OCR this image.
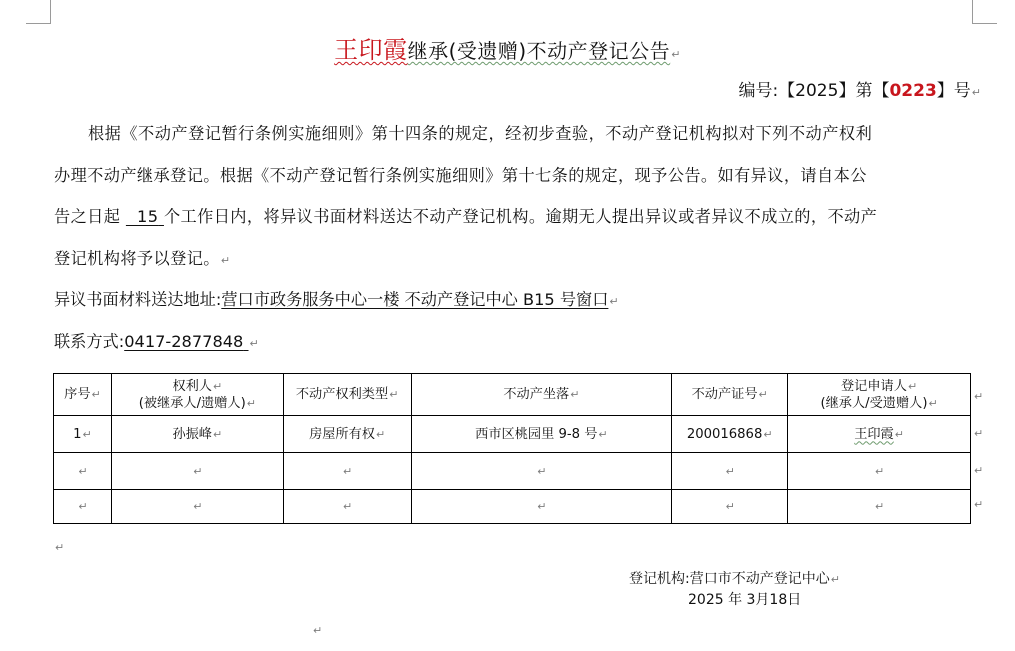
王印霞继承(受遗赠)不动产登记公告↵
编号:【2025】第【0223】号↵
根据《不动产登记暂行条例实施细则》第十四条的规定，经初步查验，不动产登记机构拟对下列不动产权利
办理不动产继承登记。根据《不动产登记暂行条例实施细则》第十七条的规定，现予公告。如有异议，请自本公
告之日起 15 个工作日内，将异议书面材料送达不动产登记机构。逾期无人提出异议或者异议不成立的，不动产
登记机构将予以登记。↵
异议书面材料送达地址:营口市政务服务中心一楼 不动产登记中心 B15 号窗口↵
联系方式:0417-2877848 ↵
序号↵	权利人↵
(被继承人/遗赠人)↵	不动产权利类型↵	不动产坐落↵	不动产证号↵	登记申请人↵
(继承人/受遗赠人)↵
1↵	孙振峰↵	房屋所有权↵	西市区桃园里 9-8 号↵	200016868↵	王印霞↵
↵	↵	↵	↵	↵	↵
↵	↵	↵	↵	↵	↵
↵
↵
↵
↵
↵
登记机构:营口市不动产登记中心↵
2025 年 3月18日
↵
